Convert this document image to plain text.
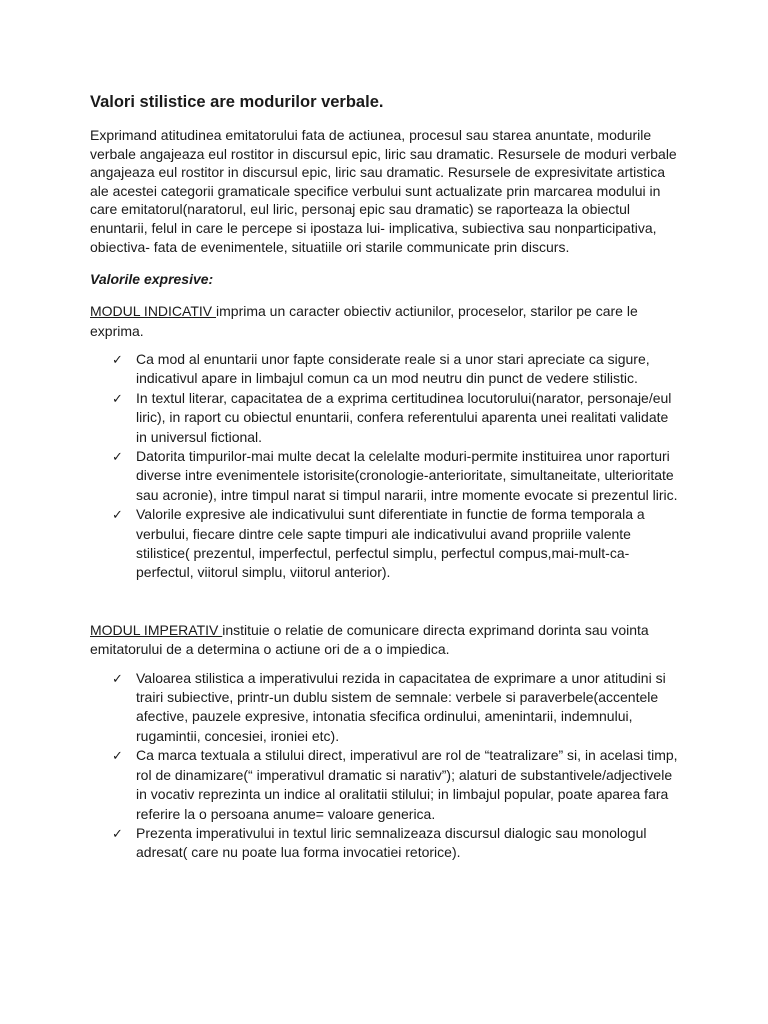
Valori stilistice are modurilor verbale.

Exprimand atitudinea emitatorului fata de actiunea, procesul sau starea anuntate, modurile verbale angajeaza eul rostitor in discursul epic, liric sau dramatic. Resursele de moduri verbale angajeaza eul rostitor in discursul epic, liric sau dramatic. Resursele de expresivitate artistica ale acestei categorii gramaticale specifice verbului sunt actualizate prin marcarea modului in care emitatorul(naratorul, eul liric, personaj epic sau dramatic) se raporteaza la obiectul enuntarii, felul in care le percepe si ipostaza lui- implicativa, subiectiva sau nonparticipativa, obiectiva- fata de evenimentele, situatiile ori starile communicate prin discurs.

Valorile expresive:

MODUL INDICATIV imprima un caracter obiectiv actiunilor, proceselor, starilor pe care le exprima.

✓ Ca mod al enuntarii unor fapte considerate reale si a unor stari apreciate ca sigure, indicativul apare in limbajul comun ca un mod neutru din punct de vedere stilistic.
✓ In textul literar, capacitatea de a exprima certitudinea locutorului(narator, personaje/eul liric), in raport cu obiectul enuntarii, confera referentului aparenta unei realitati validate in universul fictional.
✓ Datorita timpurilor-mai multe decat la celelalte moduri-permite instituirea unor raporturi diverse intre evenimentele istorisite(cronologie-anterioritate, simultaneitate, ulterioritate sau acronie), intre timpul narat si timpul nararii, intre momente evocate si prezentul liric.
✓ Valorile expresive ale indicativului sunt diferentiate in functie de forma temporala a verbului, fiecare dintre cele sapte timpuri ale indicativului avand propriile valente stilistice( prezentul, imperfectul, perfectul simplu, perfectul compus,mai-mult-ca-perfectul, viitorul simplu, viitorul anterior).

MODUL IMPERATIV instituie o relatie de comunicare directa exprimand dorinta sau vointa emitatorului de a determina o actiune ori de a o impiedica.

✓ Valoarea stilistica a imperativului rezida in capacitatea de exprimare a unor atitudini si trairi subiective, printr-un dublu sistem de semnale: verbele si paraverbele(accentele afective, pauzele expresive, intonatia sfecifica ordinului, amenintarii, indemnului, rugamintii, concesiei, ironiei etc).
✓ Ca marca textuala a stilului direct, imperativul are rol de “teatralizare” si, in acelasi timp, rol de dinamizare(“ imperativul dramatic si narativ”); alaturi de substantivele/adjectivele in vocativ reprezinta un indice al oralitatii stilului; in limbajul popular, poate aparea fara referire la o persoana anume= valoare generica.
✓ Prezenta imperativului in textul liric semnalizeaza discursul dialogic sau monologul adresat( care nu poate lua forma invocatiei retorice).
